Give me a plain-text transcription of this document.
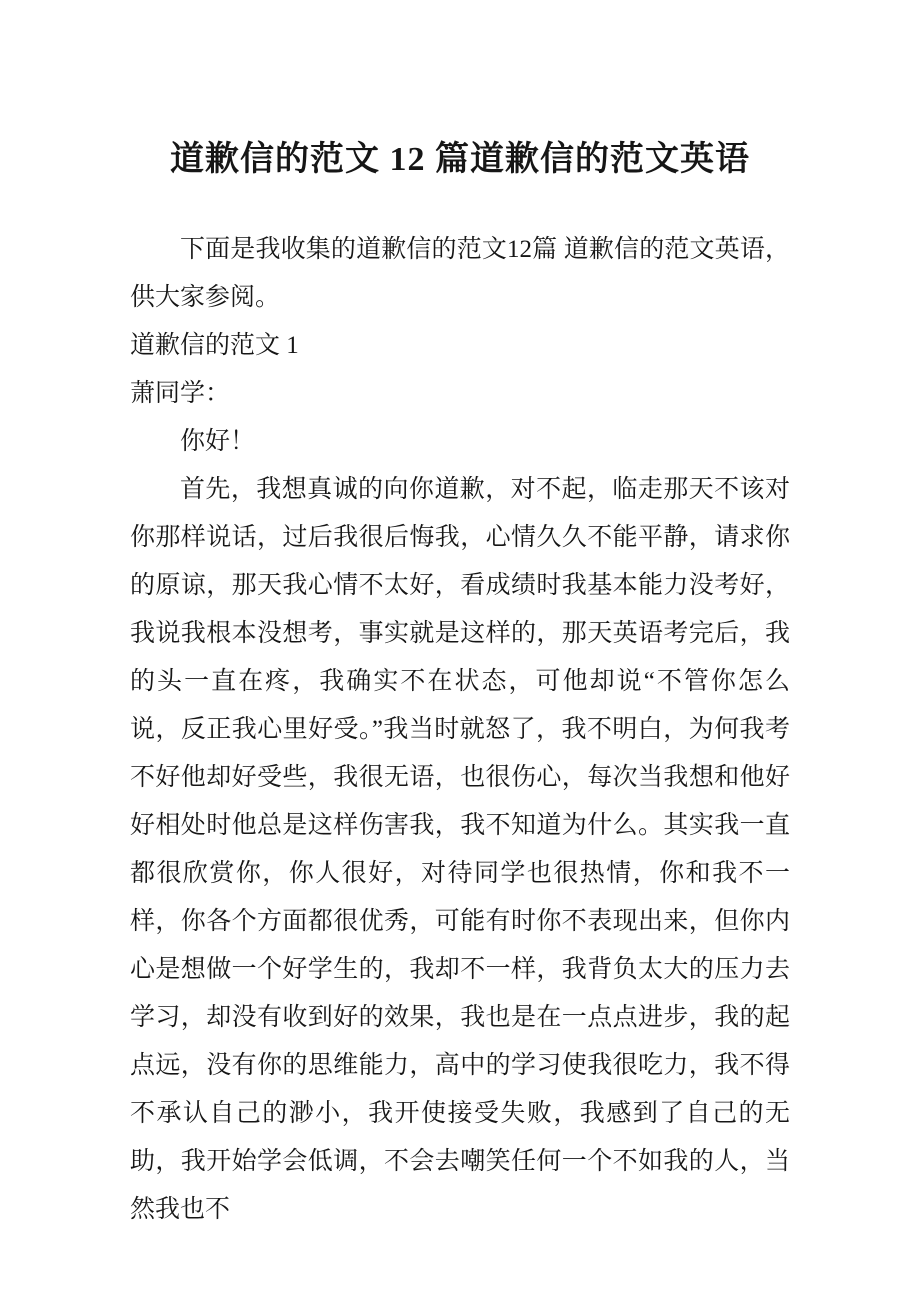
道歉信的范文 12 篇道歉信的范文英语

下面是我收集的道歉信的范文12篇 道歉信的范文英语，供大家参阅。

道歉信的范文 1

萧同学：

你好！

首先，我想真诚的向你道歉，对不起，临走那天不该对你那样说话，过后我很后悔我，心情久久不能平静，请求你的原谅，那天我心情不太好，看成绩时我基本能力没考好，我说我根本没想考，事实就是这样的，那天英语考完后，我的头一直在疼，我确实不在状态，可他却说“不管你怎么说，反正我心里好受。”我当时就怒了，我不明白，为何我考不好他却好受些，我很无语，也很伤心，每次当我想和他好好相处时他总是这样伤害我，我不知道为什么。其实我一直都很欣赏你，你人很好，对待同学也很热情，你和我不一样，你各个方面都很优秀，可能有时你不表现出来，但你内心是想做一个好学生的，我却不一样，我背负太大的压力去学习，却没有收到好的效果，我也是在一点点进步，我的起点远，没有你的思维能力，高中的学习使我很吃力，我不得不承认自己的渺小，我开使接受失败，我感到了自己的无助，我开始学会低调，不会去嘲笑任何一个不如我的人，当然我也不
